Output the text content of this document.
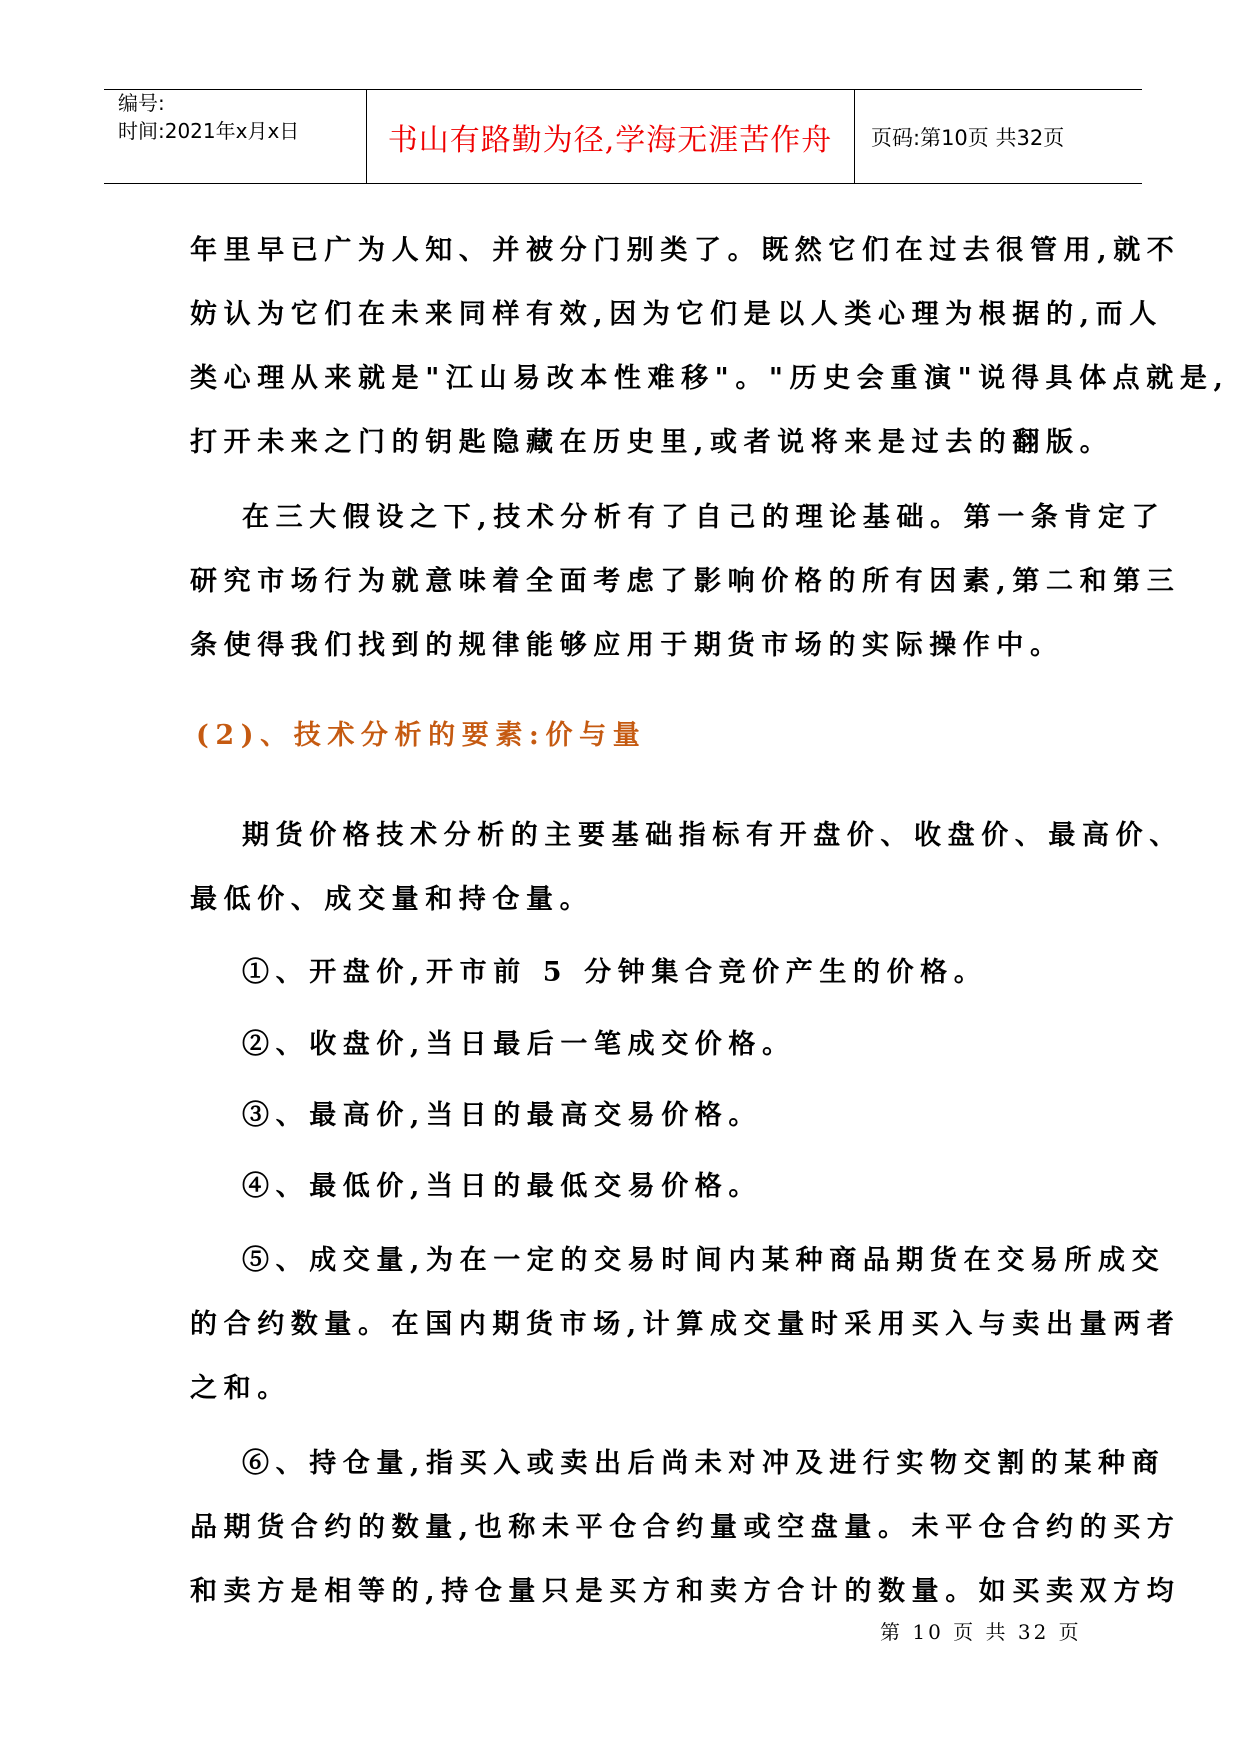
编号:
时间:2021年x月x日	书山有路勤为径,学海无涯苦作舟 页码:第10页 共32页
年里早已广为人知、并被分门别类了。既然它们在过去很管用,就不
妨认为它们在未来同样有效,因为它们是以人类心理为根据的,而人
类心理从来就是"江山易改本性难移"。"历史会重演"说得具体点就是,
打开未来之门的钥匙隐藏在历史里,或者说将来是过去的翻版。
在三大假设之下,技术分析有了自己的理论基础。第一条肯定了
研究市场行为就意味着全面考虑了影响价格的所有因素,第二和第三
条使得我们找到的规律能够应用于期货市场的实际操作中。
(2)、技术分析的要素:价与量
期货价格技术分析的主要基础指标有开盘价、收盘价、最高价、
最低价、成交量和持仓量。
①、开盘价,开市前 5 分钟集合竞价产生的价格。
②、收盘价,当日最后一笔成交价格。
③、最高价,当日的最高交易价格。
④、最低价,当日的最低交易价格。
⑤、成交量,为在一定的交易时间内某种商品期货在交易所成交
的合约数量。在国内期货市场,计算成交量时采用买入与卖出量两者
之和。
⑥、持仓量,指买入或卖出后尚未对冲及进行实物交割的某种商
品期货合约的数量,也称未平仓合约量或空盘量。未平仓合约的买方
和卖方是相等的,持仓量只是买方和卖方合计的数量。如买卖双方均
第 10 页 共 32 页
